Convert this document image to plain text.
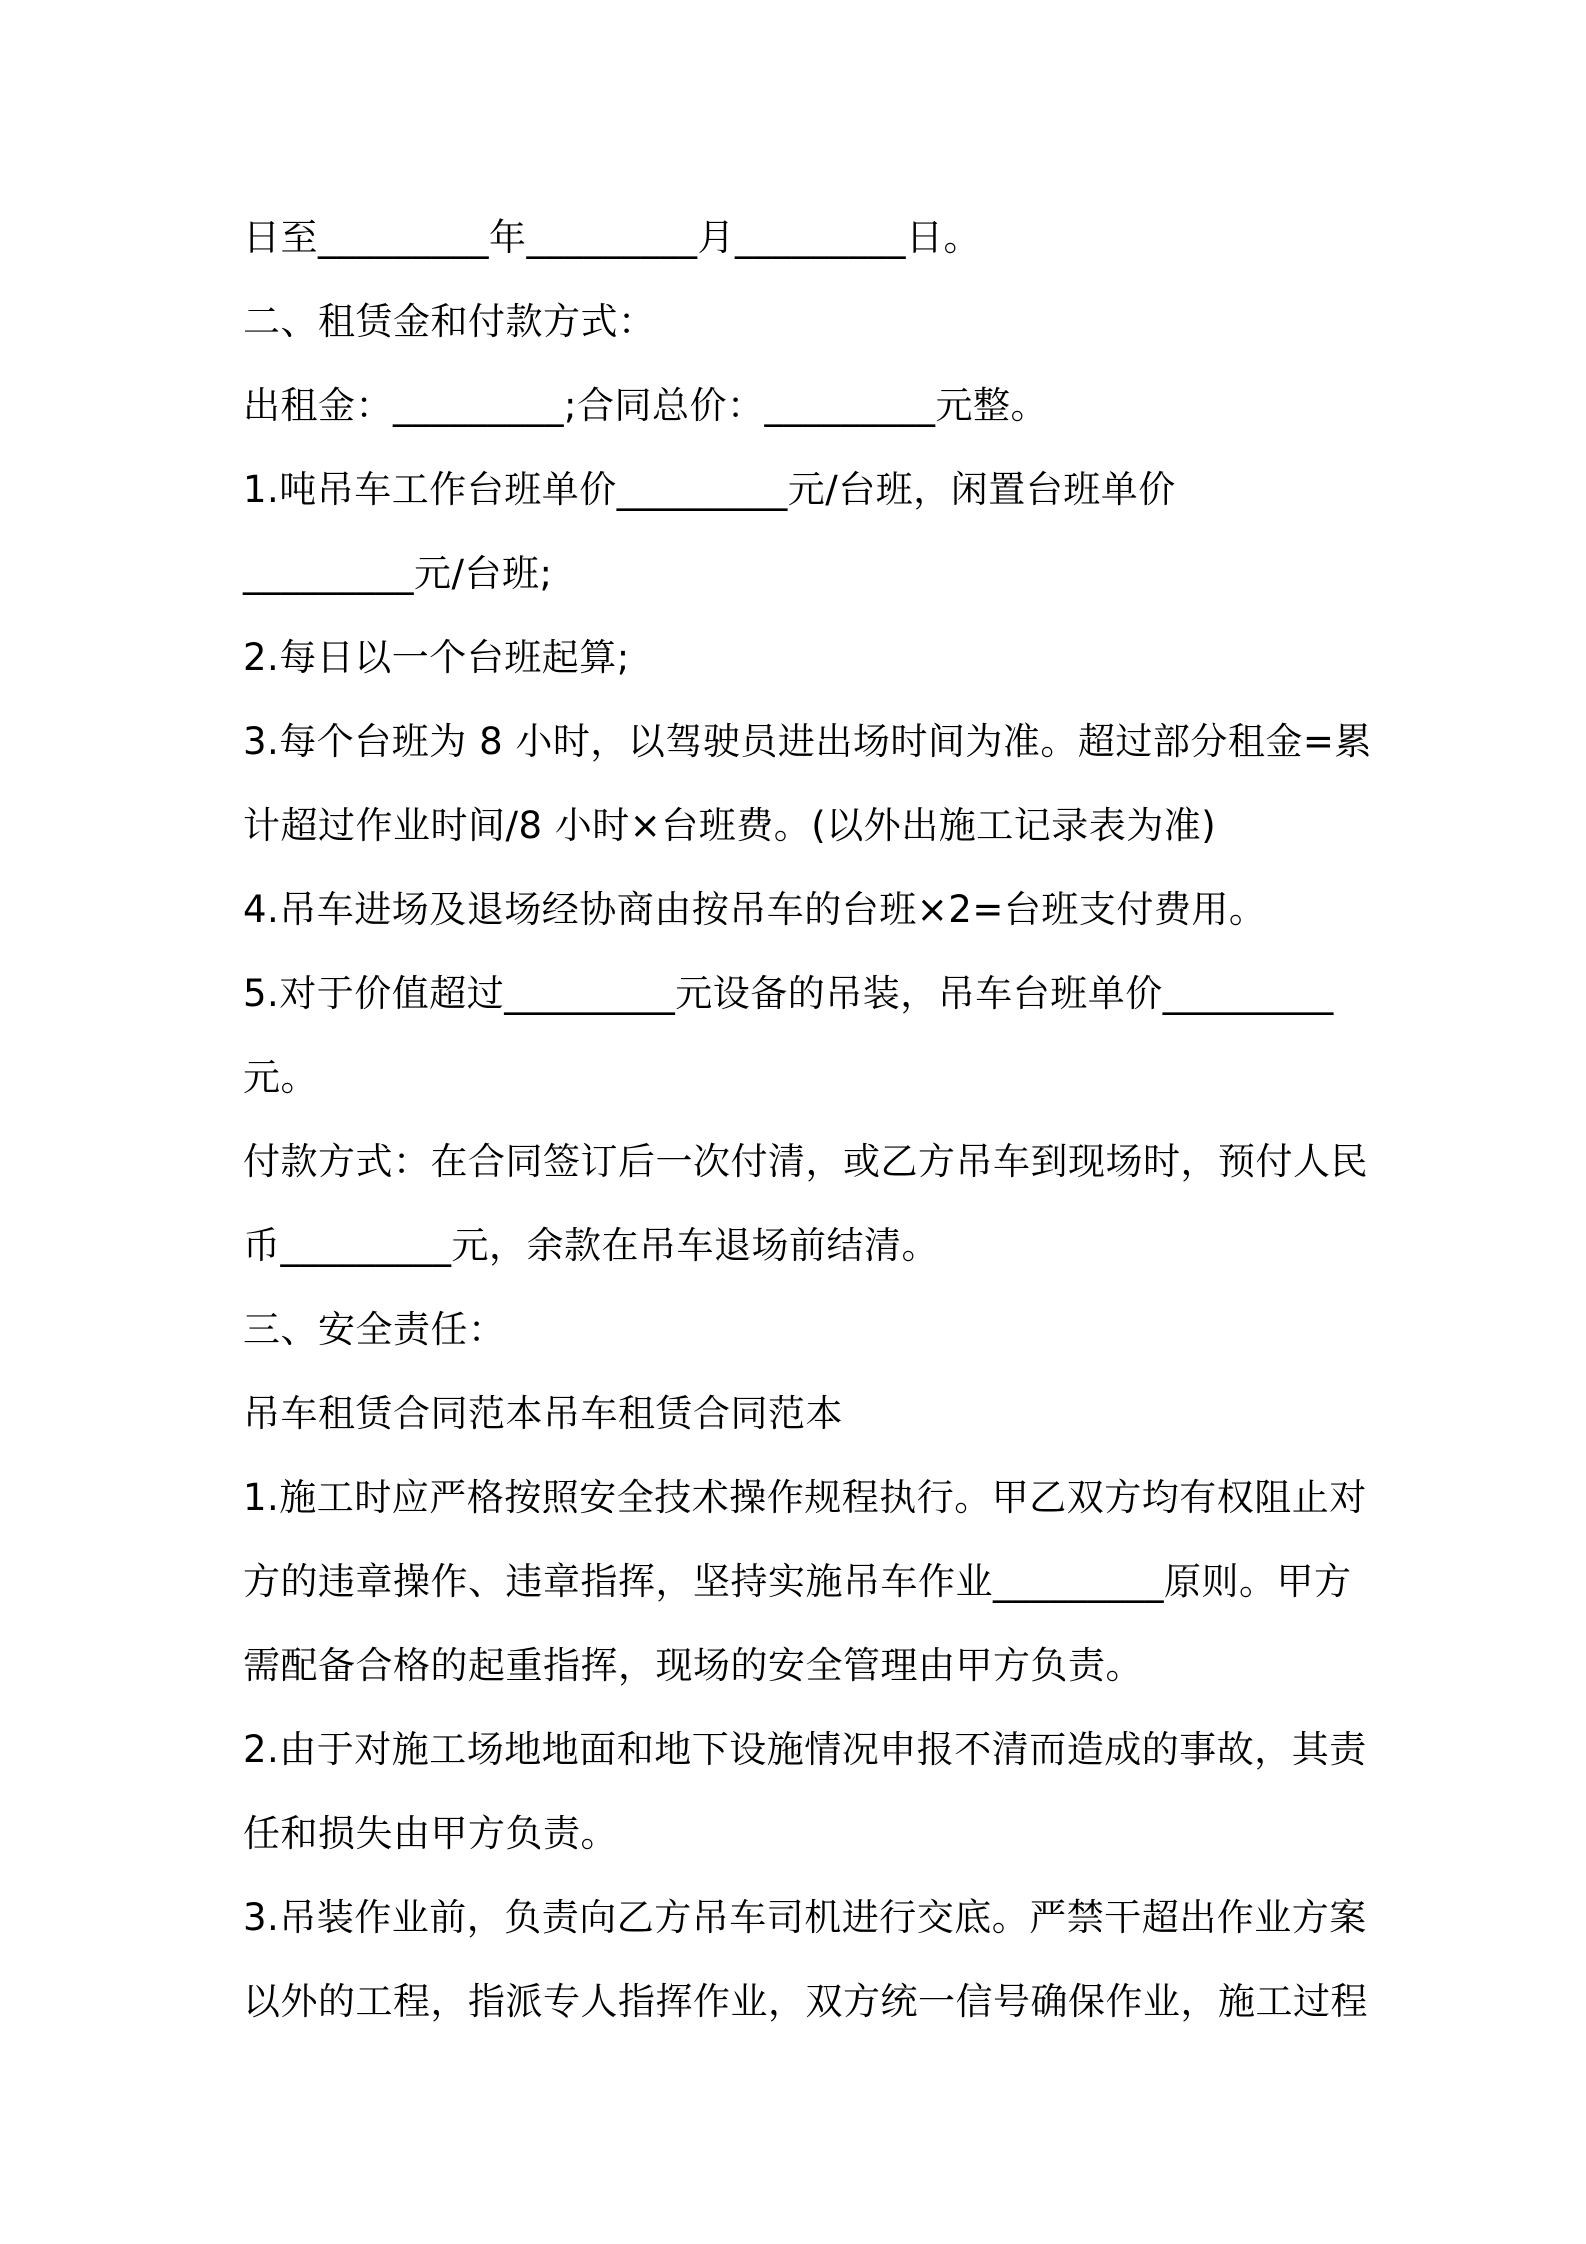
日至_________年_________月_________日。
二、租赁金和付款方式：
出租金：_________;合同总价：_________元整。
1.吨吊车工作台班单价_________元/台班，闲置台班单价
_________元/台班;
2.每日以一个台班起算;
3.每个台班为 8 小时，以驾驶员进出场时间为准。超过部分租金=累
计超过作业时间/8 小时×台班费。(以外出施工记录表为准)
4.吊车进场及退场经协商由按吊车的台班×2=台班支付费用。
5.对于价值超过_________元设备的吊装，吊车台班单价_________
元。
付款方式：在合同签订后一次付清，或乙方吊车到现场时，预付人民
币_________元，余款在吊车退场前结清。
三、安全责任：
吊车租赁合同范本吊车租赁合同范本
1.施工时应严格按照安全技术操作规程执行。甲乙双方均有权阻止对
方的违章操作、违章指挥，坚持实施吊车作业_________原则。甲方
需配备合格的起重指挥，现场的安全管理由甲方负责。
2.由于对施工场地地面和地下设施情况申报不清而造成的事故，其责
任和损失由甲方负责。
3.吊装作业前，负责向乙方吊车司机进行交底。严禁干超出作业方案
以外的工程，指派专人指挥作业，双方统一信号确保作业，施工过程
